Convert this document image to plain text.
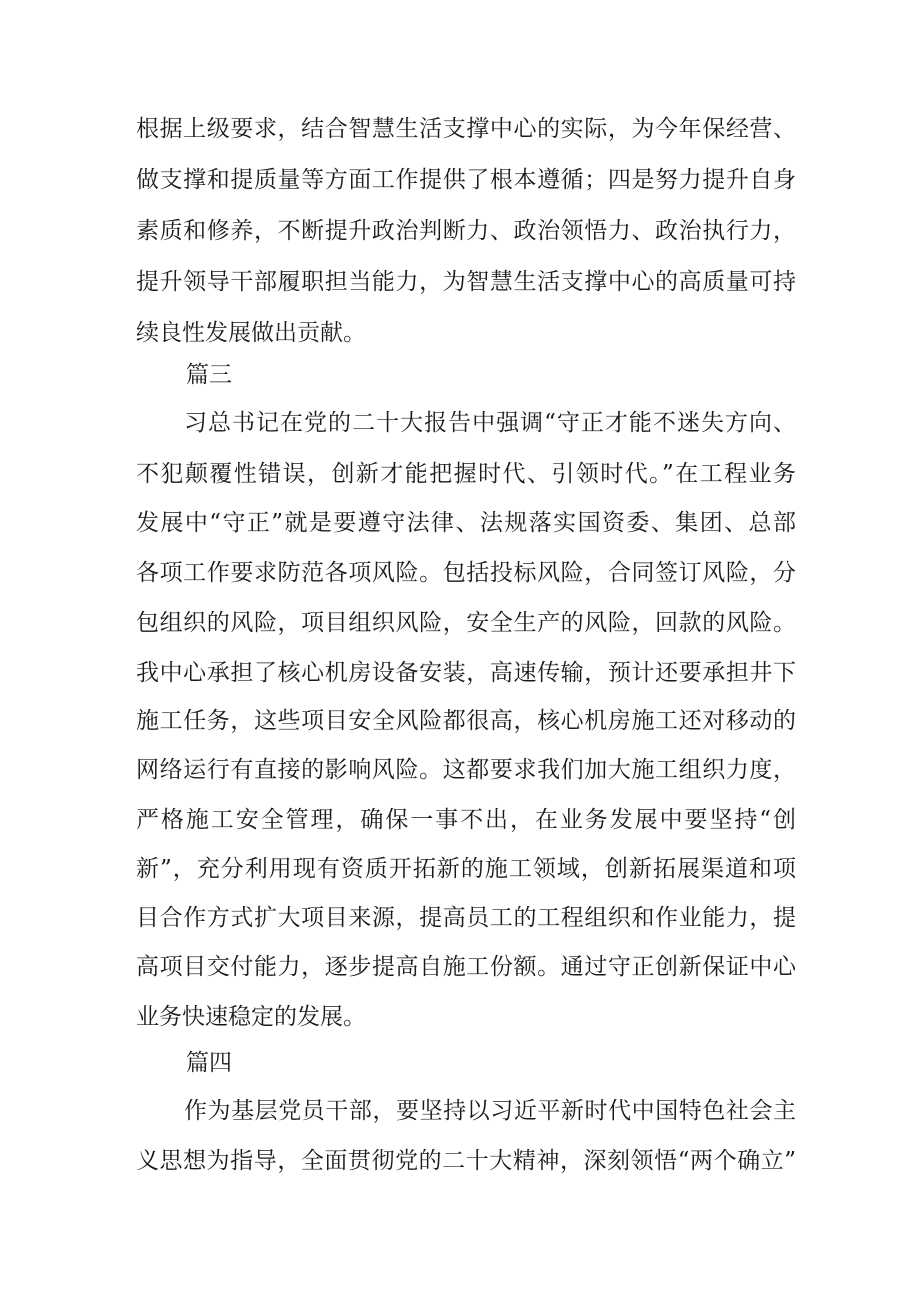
根据上级要求，结合智慧生活支撑中心的实际，为今年保经营、
做支撑和提质量等方面工作提供了根本遵循；四是努力提升自身
素质和修养，不断提升政治判断力、政治领悟力、政治执行力，
提升领导干部履职担当能力，为智慧生活支撑中心的高质量可持
续良性发展做出贡献。
篇三
习总书记在党的二十大报告中强调“守正才能不迷失方向、
不犯颠覆性错误，创新才能把握时代、引领时代。”在工程业务
发展中“守正”就是要遵守法律、法规落实国资委、集团、总部
各项工作要求防范各项风险。包括投标风险，合同签订风险，分
包组织的风险，项目组织风险，安全生产的风险，回款的风险。
我中心承担了核心机房设备安装，高速传输，预计还要承担井下
施工任务，这些项目安全风险都很高，核心机房施工还对移动的
网络运行有直接的影响风险。这都要求我们加大施工组织力度，
严格施工安全管理，确保一事不出，在业务发展中要坚持“创
新”，充分利用现有资质开拓新的施工领域，创新拓展渠道和项
目合作方式扩大项目来源，提高员工的工程组织和作业能力，提
高项目交付能力，逐步提高自施工份额。通过守正创新保证中心
业务快速稳定的发展。
篇四
作为基层党员干部，要坚持以习近平新时代中国特色社会主
义思想为指导，全面贯彻党的二十大精神，深刻领悟“两个确立”
